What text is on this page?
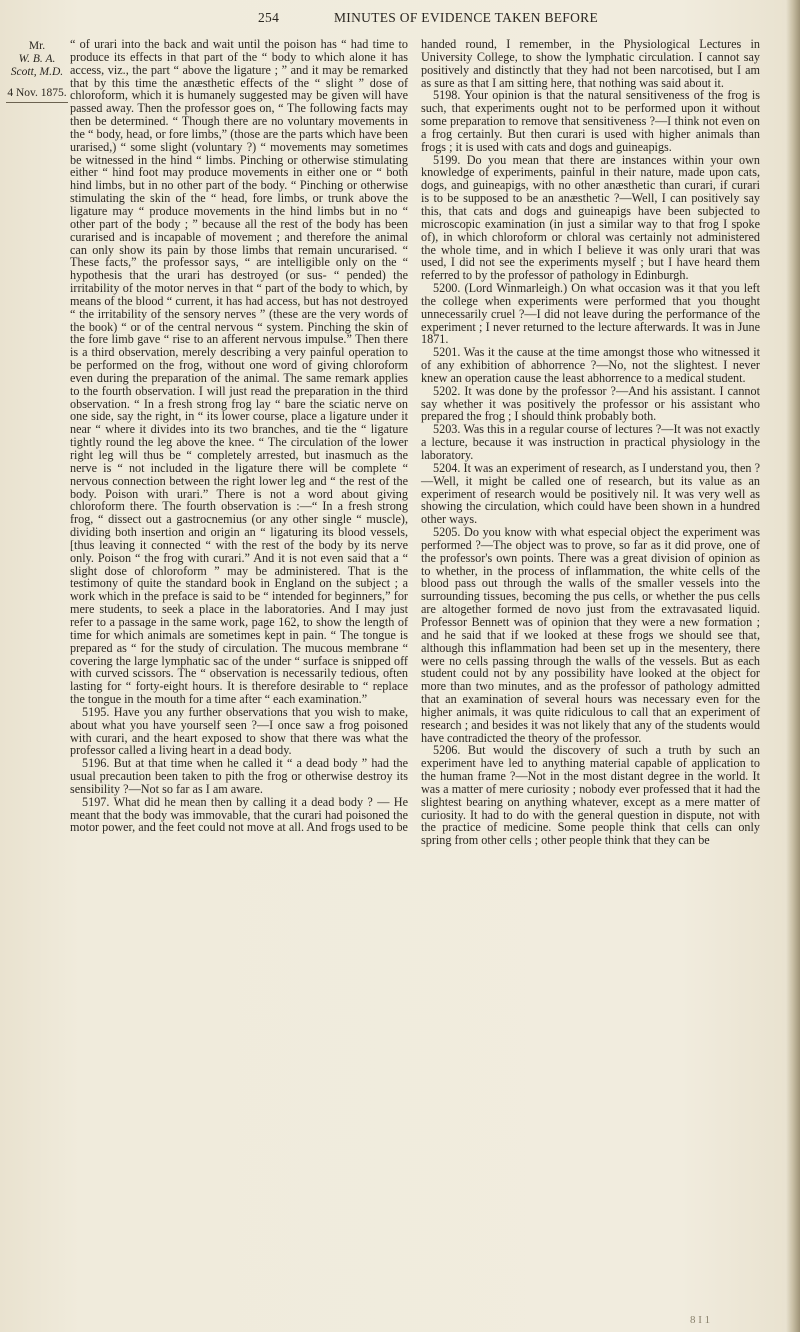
254	MINUTES OF EVIDENCE TAKEN BEFORE
Mr.
W. B. A. Scott, M.D.
4 Nov. 1875.

“ of urari into the back and wait until the poison has “ had time to produce its effects in that part of the “ body to which alone it has access, viz., the part “ above the ligature ; ” and it may be remarked that by this time the anæsthetic effects of the “ slight ” dose of chloroform, which it is humanely suggested may be given will have passed away. Then the professor goes on, “ The following facts may then be determined. “ Though there are no voluntary movements in the “ body, head, or fore limbs,” (those are the parts which have been urarised,) “ some slight (voluntary ?) “ movements may sometimes be witnessed in the hind “ limbs. Pinching or otherwise stimulating either “ hind foot may produce movements in either one or “ both hind limbs, but in no other part of the body. “ Pinching or otherwise stimulating the skin of the “ head, fore limbs, or trunk above the ligature may “ produce movements in the hind limbs but in no “ other part of the body ; ” because all the rest of the body has been curarised and is incapable of movement ; and therefore the animal can only show its pain by those limbs that remain uncurarised. “ These facts,” the professor says, “ are intelligible only on the “ hypothesis that the urari has destroyed (or sus- “ pended) the irritability of the motor nerves in that “ part of the body to which, by means of the blood “ current, it has had access, but has not destroyed “ the irritability of the sensory nerves ” (these are the very words of the book) “ or of the central nervous “ system. Pinching the skin of the fore limb gave “ rise to an afferent nervous impulse.” Then there is a third observation, merely describing a very painful operation to be performed on the frog, without one word of giving chloroform even during the preparation of the animal. The same remark applies to the fourth observation. I will just read the preparation in the third observation. “ In a fresh strong frog lay “ bare the sciatic nerve on one side, say the right, in “ its lower course, place a ligature under it near “ where it divides into its two branches, and tie the “ ligature tightly round the leg above the knee. “ The circulation of the lower right leg will thus be “ completely arrested, but inasmuch as the nerve is “ not included in the ligature there will be complete “ nervous connection between the right lower leg and “ the rest of the body. Poison with urari.” There is not a word about giving chloroform there. The fourth observation is :—“ In a fresh strong frog, “ dissect out a gastrocnemius (or any other single “ muscle), dividing both insertion and origin an “ ligaturing its blood vessels,[thus leaving it connected “ with the rest of the body by its nerve only. Poison “ the frog with curari.” And it is not even said that a “ slight dose of chloroform ” may be administered. That is the testimony of quite the standard book in England on the subject ; a work which in the preface is said to be “ intended for beginners,” for mere students, to seek a place in the laboratories. And I may just refer to a passage in the same work, page 162, to show the length of time for which animals are sometimes kept in pain. “ The tongue is prepared as “ for the study of circulation. The mucous membrane “ covering the large lymphatic sac of the under “ surface is snipped off with curved scissors. The “ observation is necessarily tedious, often lasting for “ forty-eight hours. It is therefore desirable to “ replace the tongue in the mouth for a time after “ each examination.”

5195. Have you any further observations that you wish to make, about what you have yourself seen ?—I once saw a frog poisoned with curari, and the heart exposed to show that there was what the professor called a living heart in a dead body.

5196. But at that time when he called it “ a dead body ” had the usual precaution been taken to pith the frog or otherwise destroy its sensibility ?—Not so far as I am aware.

5197. What did he mean then by calling it a dead body ? — He meant that the body was immovable, that the curari had poisoned the motor power, and the feet could not move at all. And frogs used to be

handed round, I remember, in the Physiological Lectures in University College, to show the lymphatic circulation. I cannot say positively and distinctly that they had not been narcotised, but I am as sure as that I am sitting here, that nothing was said about it.

5198. Your opinion is that the natural sensitiveness of the frog is such, that experiments ought not to be performed upon it without some preparation to remove that sensitiveness ?—I think not even on a frog certainly. But then curari is used with higher animals than frogs ; it is used with cats and dogs and guineapigs.

5199. Do you mean that there are instances within your own knowledge of experiments, painful in their nature, made upon cats, dogs, and guineapigs, with no other anæsthetic than curari, if curari is to be supposed to be an anæsthetic ?—Well, I can positively say this, that cats and dogs and guineapigs have been subjected to microscopic examination (in just a similar way to that frog I spoke of), in which chloroform or chloral was certainly not administered the whole time, and in which I believe it was only urari that was used, I did not see the experiments myself ; but I have heard them referred to by the professor of pathology in Edinburgh.

5200. (Lord Winmarleigh.) On what occasion was it that you left the college when experiments were performed that you thought unnecessarily cruel ?—I did not leave during the performance of the experiment ; I never returned to the lecture afterwards. It was in June 1871.

5201. Was it the cause at the time amongst those who witnessed it of any exhibition of abhorrence ?—No, not the slightest. I never knew an operation cause the least abhorrence to a medical student.

5202. It was done by the professor ?—And his assistant. I cannot say whether it was positively the professor or his assistant who prepared the frog ; I should think probably both.

5203. Was this in a regular course of lectures ?—It was not exactly a lecture, because it was instruction in practical physiology in the laboratory.

5204. It was an experiment of research, as I understand you, then ?—Well, it might be called one of research, but its value as an experiment of research would be positively nil. It was very well as showing the circulation, which could have been shown in a hundred other ways.

5205. Do you know with what especial object the experiment was performed ?—The object was to prove, so far as it did prove, one of the professor's own points. There was a great division of opinion as to whether, in the process of inflammation, the white cells of the blood pass out through the walls of the smaller vessels into the surrounding tissues, becoming the pus cells, or whether the pus cells are altogether formed de novo just from the extravasated liquid. Professor Bennett was of opinion that they were a new formation ; and he said that if we looked at these frogs we should see that, although this inflammation had been set up in the mesentery, there were no cells passing through the walls of the vessels. But as each student could not by any possibility have looked at the object for more than two minutes, and as the professor of pathology admitted that an examination of several hours was necessary even for the higher animals, it was quite ridiculous to call that an experiment of research ; and besides it was not likely that any of the students would have contradicted the theory of the professor.

5206. But would the discovery of such a truth by such an experiment have led to anything material capable of application to the human frame ?—Not in the most distant degree in the world. It was a matter of mere curiosity ; nobody ever professed that it had the slightest bearing on anything whatever, except as a mere matter of curiosity. It had to do with the general question in dispute, not with the practice of medicine. Some people think that cells can only spring from other cells ; other people think that they can be

8 I 1
